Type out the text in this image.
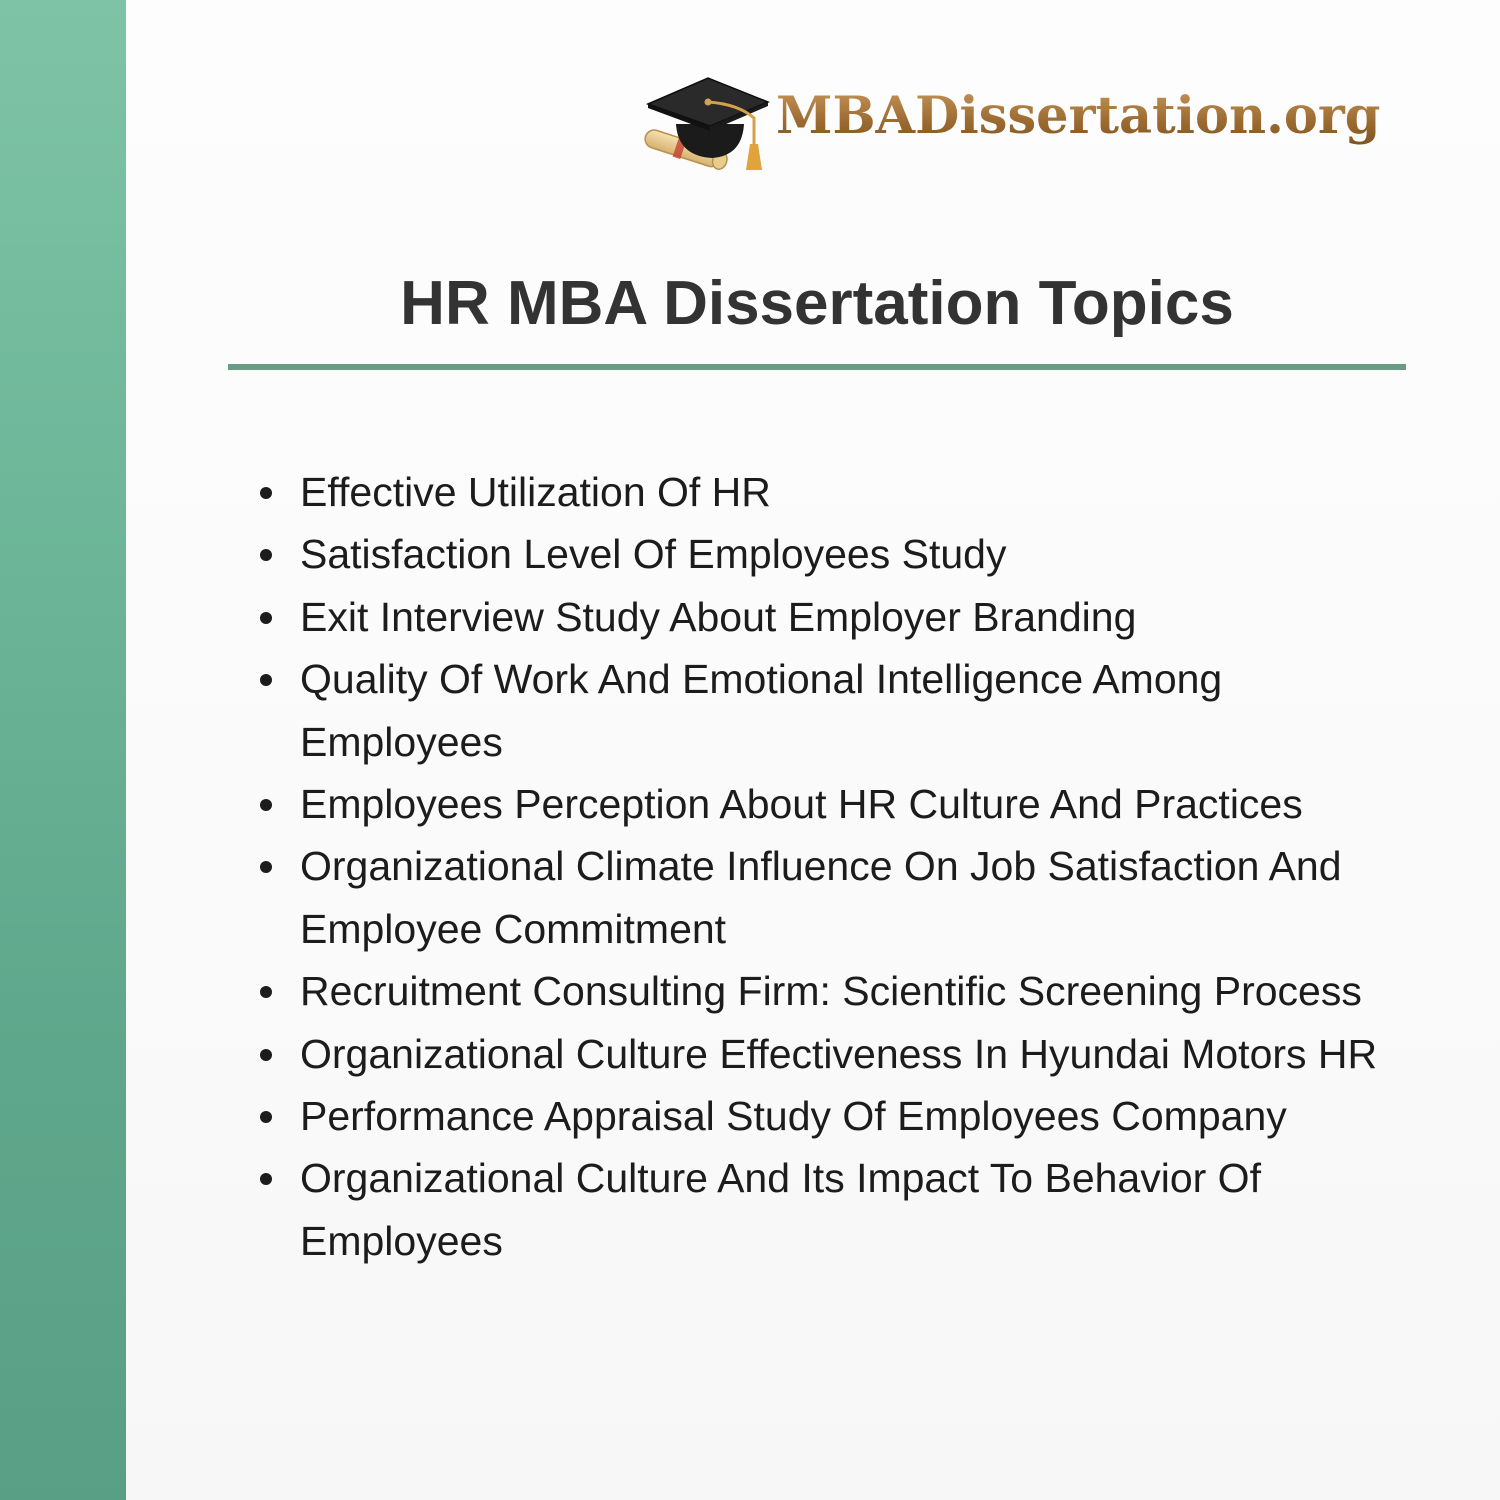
MBADissertation.org
HR MBA Dissertation Topics
Effective Utilization Of HR
Satisfaction Level Of Employees Study
Exit Interview Study About Employer Branding
Quality Of Work And Emotional Intelligence Among Employees
Employees Perception About HR Culture And Practices
Organizational Climate Influence On Job Satisfaction And Employee Commitment
Recruitment Consulting Firm: Scientific Screening Process
Organizational Culture Effectiveness In Hyundai Motors HR
Performance Appraisal Study Of Employees Company
Organizational Culture And Its Impact To Behavior Of Employees
